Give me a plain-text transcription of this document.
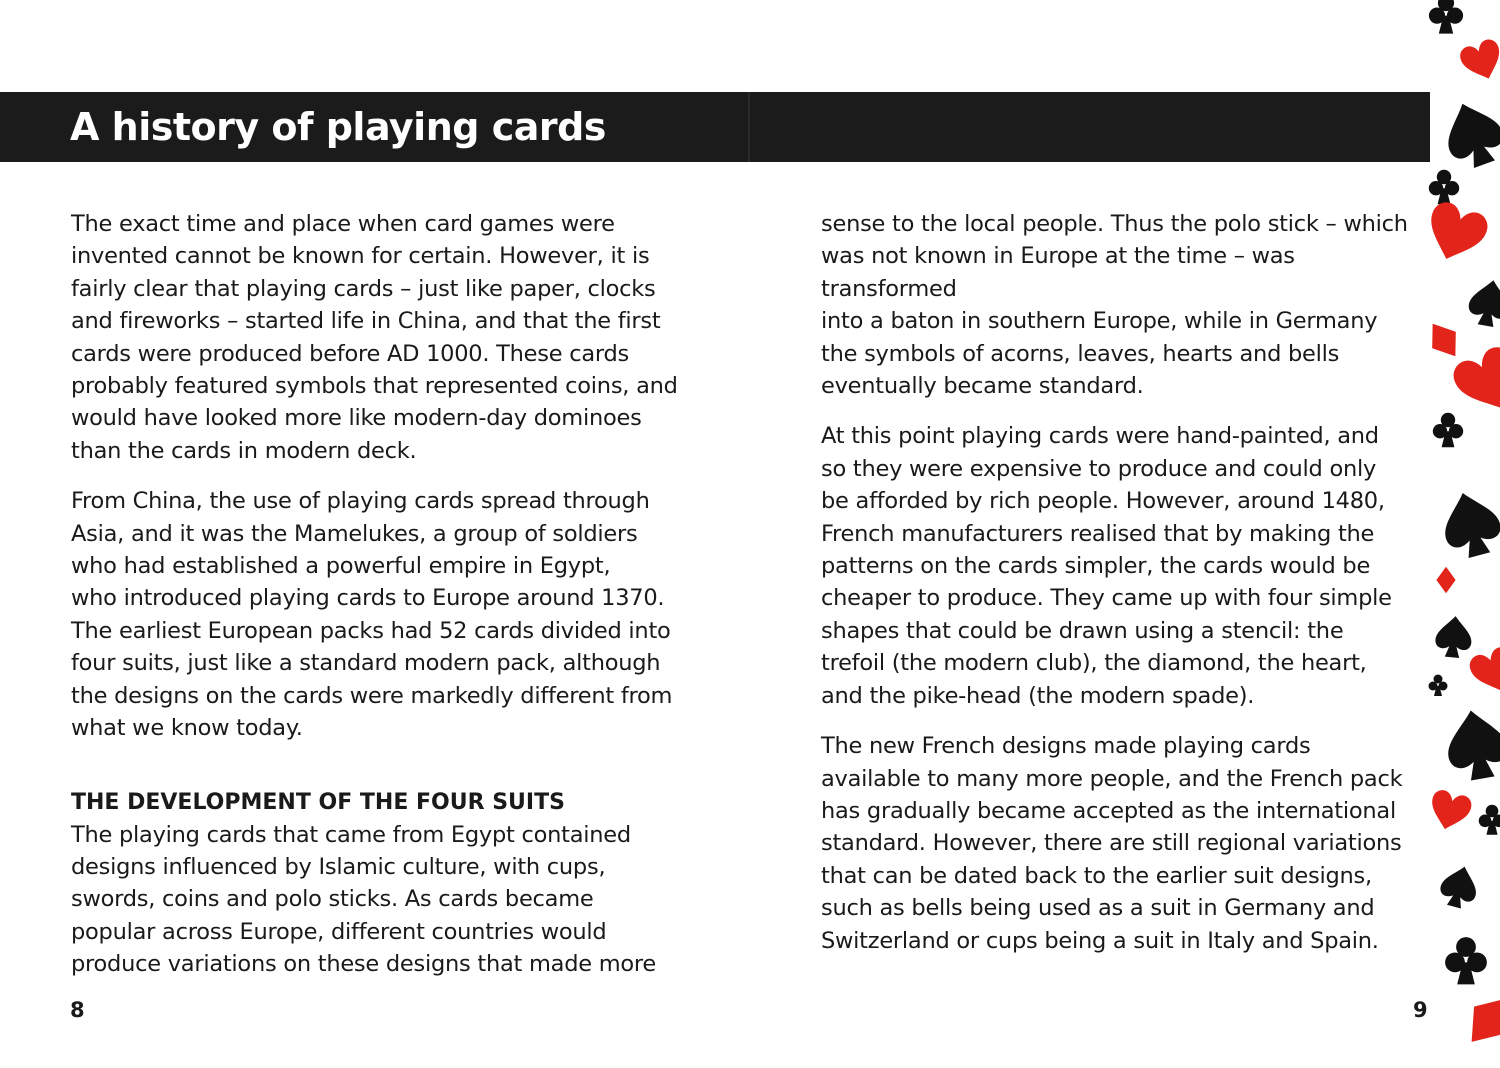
A history of playing cards

The exact time and place when card games were
invented cannot be known for certain. However, it is
fairly clear that playing cards – just like paper, clocks
and fireworks – started life in China, and that the first
cards were produced before AD 1000. These cards
probably featured symbols that represented coins, and
would have looked more like modern-day dominoes
than the cards in modern deck.

From China, the use of playing cards spread through
Asia, and it was the Mamelukes, a group of soldiers
who had established a powerful empire in Egypt,
who introduced playing cards to Europe around 1370.
The earliest European packs had 52 cards divided into
four suits, just like a standard modern pack, although
the designs on the cards were markedly different from
what we know today.

THE DEVELOPMENT OF THE FOUR SUITS

The playing cards that came from Egypt contained
designs influenced by Islamic culture, with cups,
swords, coins and polo sticks. As cards became
popular across Europe, different countries would
produce variations on these designs that made more

sense to the local people. Thus the polo stick – which
was not known in Europe at the time – was transformed
into a baton in southern Europe, while in Germany
the symbols of acorns, leaves, hearts and bells
eventually became standard.

At this point playing cards were hand-painted, and
so they were expensive to produce and could only
be afforded by rich people. However, around 1480,
French manufacturers realised that by making the
patterns on the cards simpler, the cards would be
cheaper to produce. They came up with four simple
shapes that could be drawn using a stencil: the
trefoil (the modern club), the diamond, the heart,
and the pike-head (the modern spade).

The new French designs made playing cards
available to many more people, and the French pack
has gradually became accepted as the international
standard. However, there are still regional variations
that can be dated back to the earlier suit designs,
such as bells being used as a suit in Germany and
Switzerland or cups being a suit in Italy and Spain.

8	9
